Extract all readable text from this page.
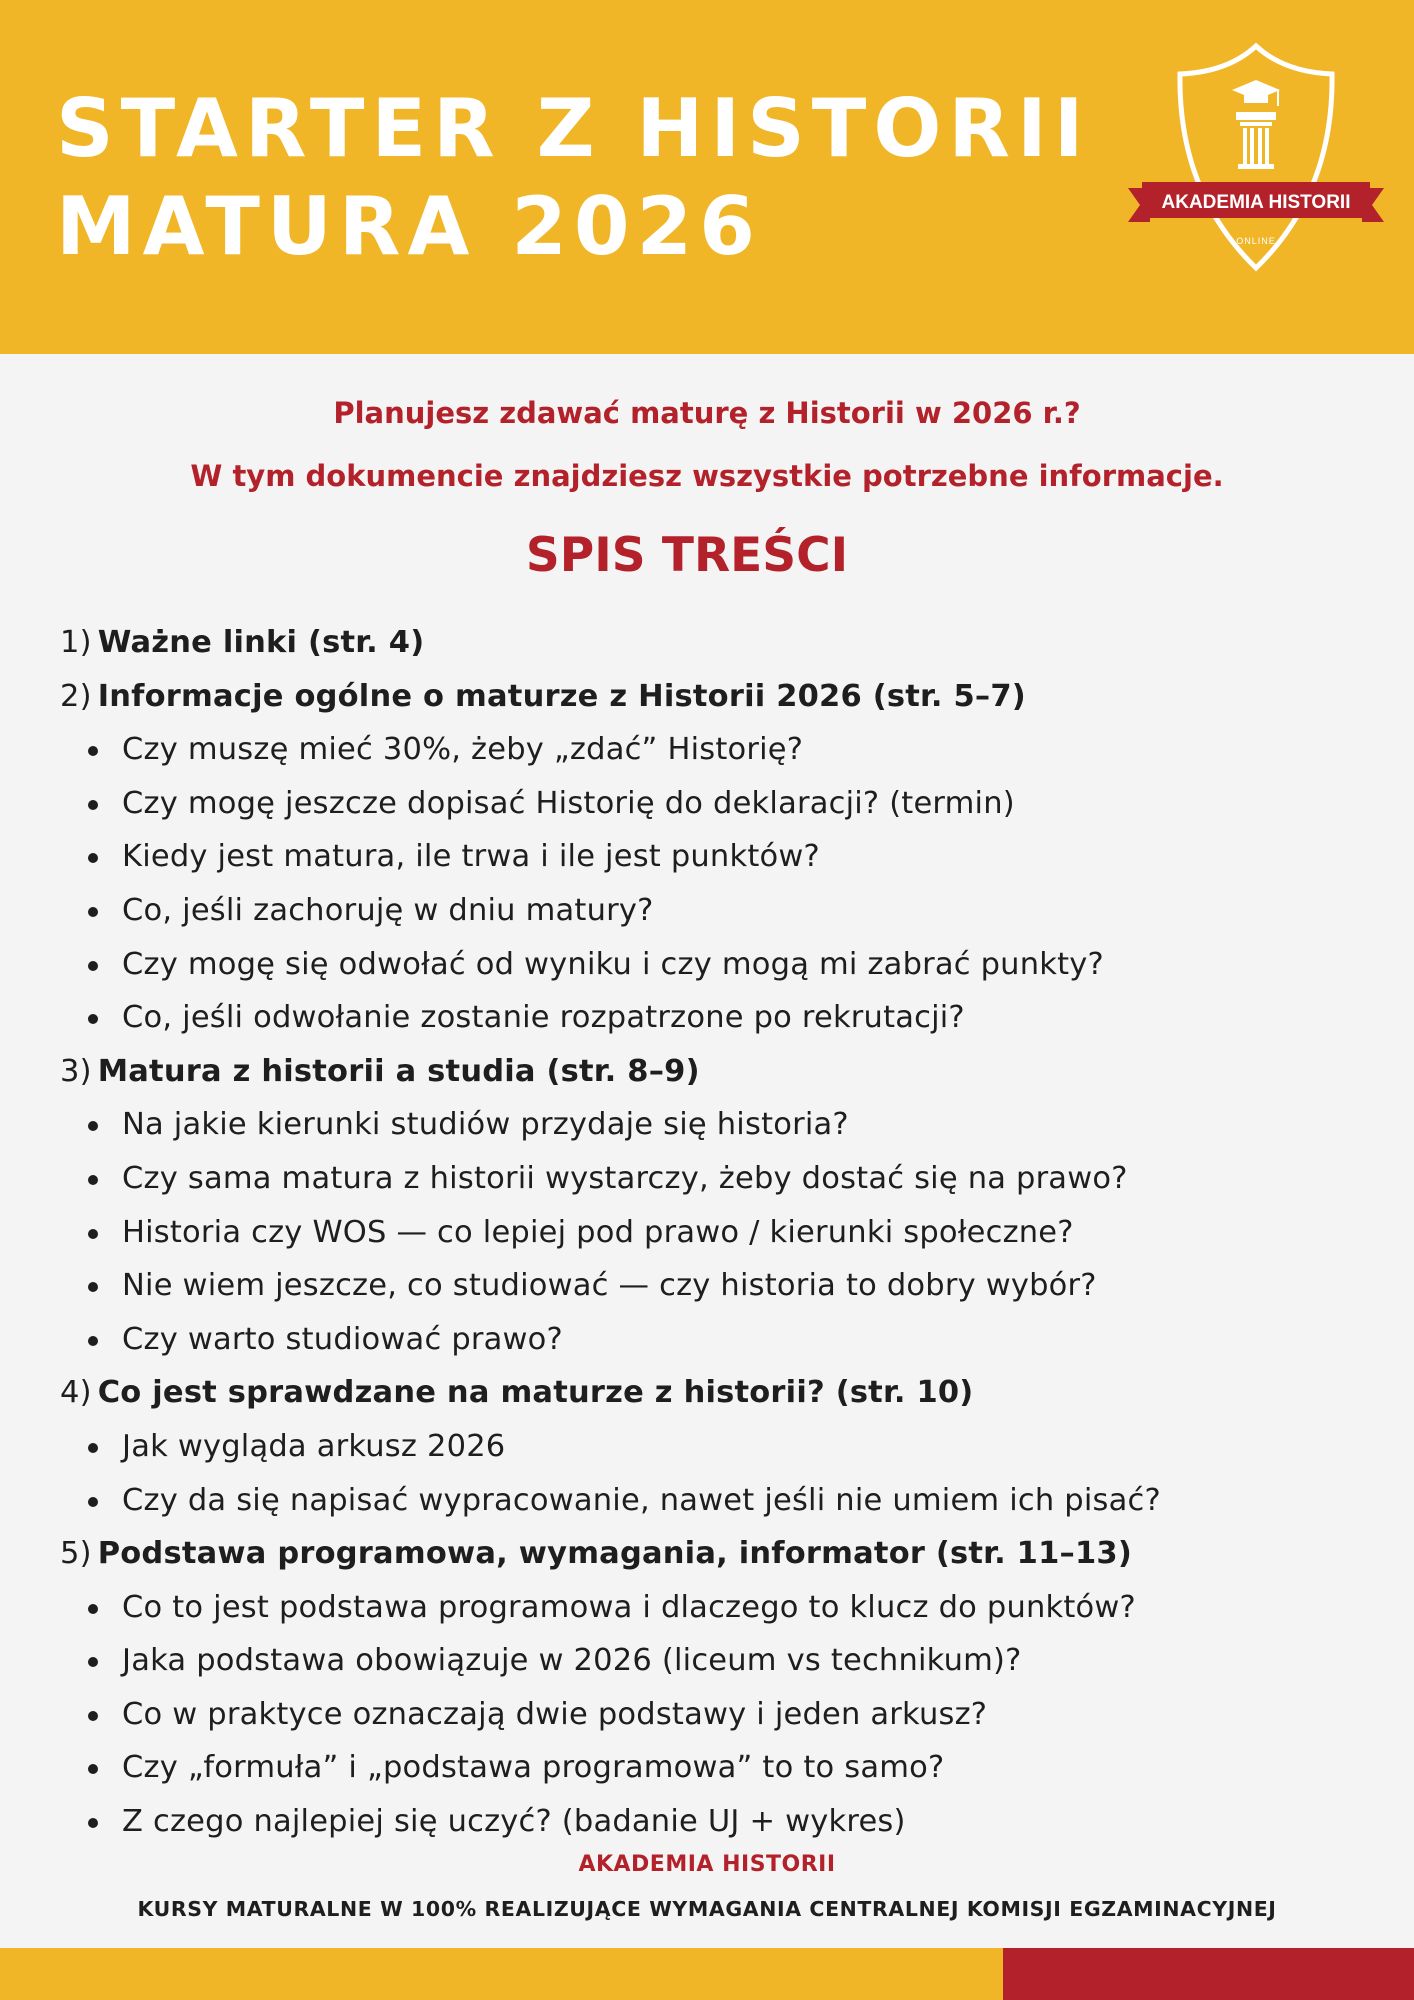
STARTER Z HISTORII
MATURA 2026	AKADEMIA HISTORII
· ONLINE ·
Planujesz zdawać maturę z Historii w 2026 r.?
W tym dokumencie znajdziesz wszystkie potrzebne informacje.
SPIS TREŚCI
1) Ważne linki (str. 4)
2) Informacje ogólne o maturze z Historii 2026 (str. 5–7)
Czy muszę mieć 30%, żeby „zdać” Historię?
Czy mogę jeszcze dopisać Historię do deklaracji? (termin)
Kiedy jest matura, ile trwa i ile jest punktów?
Co, jeśli zachoruję w dniu matury?
Czy mogę się odwołać od wyniku i czy mogą mi zabrać punkty?
Co, jeśli odwołanie zostanie rozpatrzone po rekrutacji?
3) Matura z historii a studia (str. 8–9)
Na jakie kierunki studiów przydaje się historia?
Czy sama matura z historii wystarczy, żeby dostać się na prawo?
Historia czy WOS — co lepiej pod prawo / kierunki społeczne?
Nie wiem jeszcze, co studiować — czy historia to dobry wybór?
Czy warto studiować prawo?
4) Co jest sprawdzane na maturze z historii? (str. 10)
Jak wygląda arkusz 2026
Czy da się napisać wypracowanie, nawet jeśli nie umiem ich pisać?
5) Podstawa programowa, wymagania, informator (str. 11–13)
Co to jest podstawa programowa i dlaczego to klucz do punktów?
Jaka podstawa obowiązuje w 2026 (liceum vs technikum)?
Co w praktyce oznaczają dwie podstawy i jeden arkusz?
Czy „formuła” i „podstawa programowa” to to samo?
Z czego najlepiej się uczyć? (badanie UJ + wykres)
AKADEMIA HISTORII
KURSY MATURALNE W 100% REALIZUJĄCE WYMAGANIA CENTRALNEJ KOMISJI EGZAMINACYJNEJ
